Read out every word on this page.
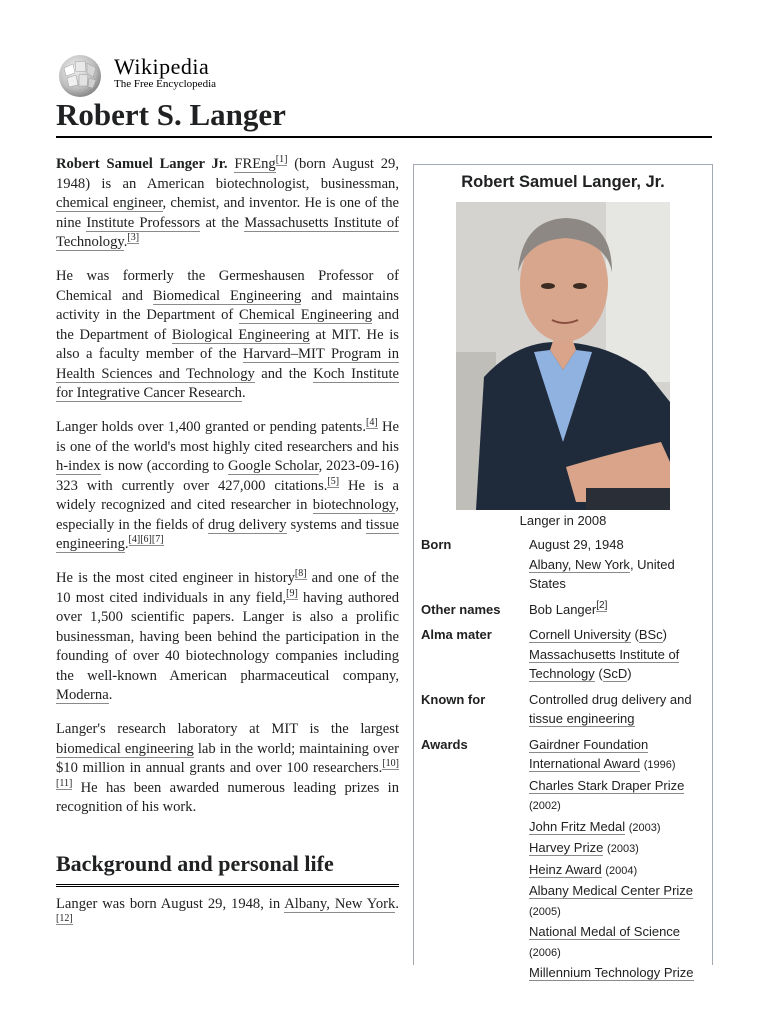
Wikipedia
The Free Encyclopedia
Robert S. Langer

Robert Samuel Langer Jr. FREng[1] (born August 29, 1948) is an American biotechnologist, businessman, chemical engineer, chemist, and inventor. He is one of the nine Institute Professors at the Massachusetts Institute of Technology.[3]

He was formerly the Germeshausen Professor of Chemical and Biomedical Engineering and maintains activity in the Department of Chemical Engineering and the Department of Biological Engineering at MIT. He is also a faculty member of the Harvard–MIT Program in Health Sciences and Technology and the Koch Institute for Integrative Cancer Research.

Langer holds over 1,400 granted or pending patents.[4] He is one of the world's most highly cited researchers and his h-index is now (according to Google Scholar, 2023-09-16) 323 with currently over 427,000 citations.[5] He is a widely recognized and cited researcher in biotechnology, especially in the fields of drug delivery systems and tissue engineering.[4][6][7]

He is the most cited engineer in history[8] and one of the 10 most cited individuals in any field,[9] having authored over 1,500 scientific papers. Langer is also a prolific businessman, having been behind the participation in the founding of over 40 biotechnology companies including the well-known American pharmaceutical company, Moderna.

Langer's research laboratory at MIT is the largest biomedical engineering lab in the world; maintaining over $10 million in annual grants and over 100 researchers.[10][11] He has been awarded numerous leading prizes in recognition of his work.

Background and personal life

Langer was born August 29, 1948, in Albany, New York.[12]

Robert Samuel Langer, Jr.
Langer in 2008
Born	August 29, 1948
Albany, New York, United States
Other names	Bob Langer[2]
Alma mater	Cornell University (BSc)
Massachusetts Institute of Technology (ScD)
Known for	Controlled drug delivery and tissue engineering
Awards	Gairdner Foundation International Award (1996)
Charles Stark Draper Prize (2002)
John Fritz Medal (2003)
Harvey Prize (2003)
Heinz Award (2004)
Albany Medical Center Prize (2005)
National Medal of Science (2006)
Millennium Technology Prize
